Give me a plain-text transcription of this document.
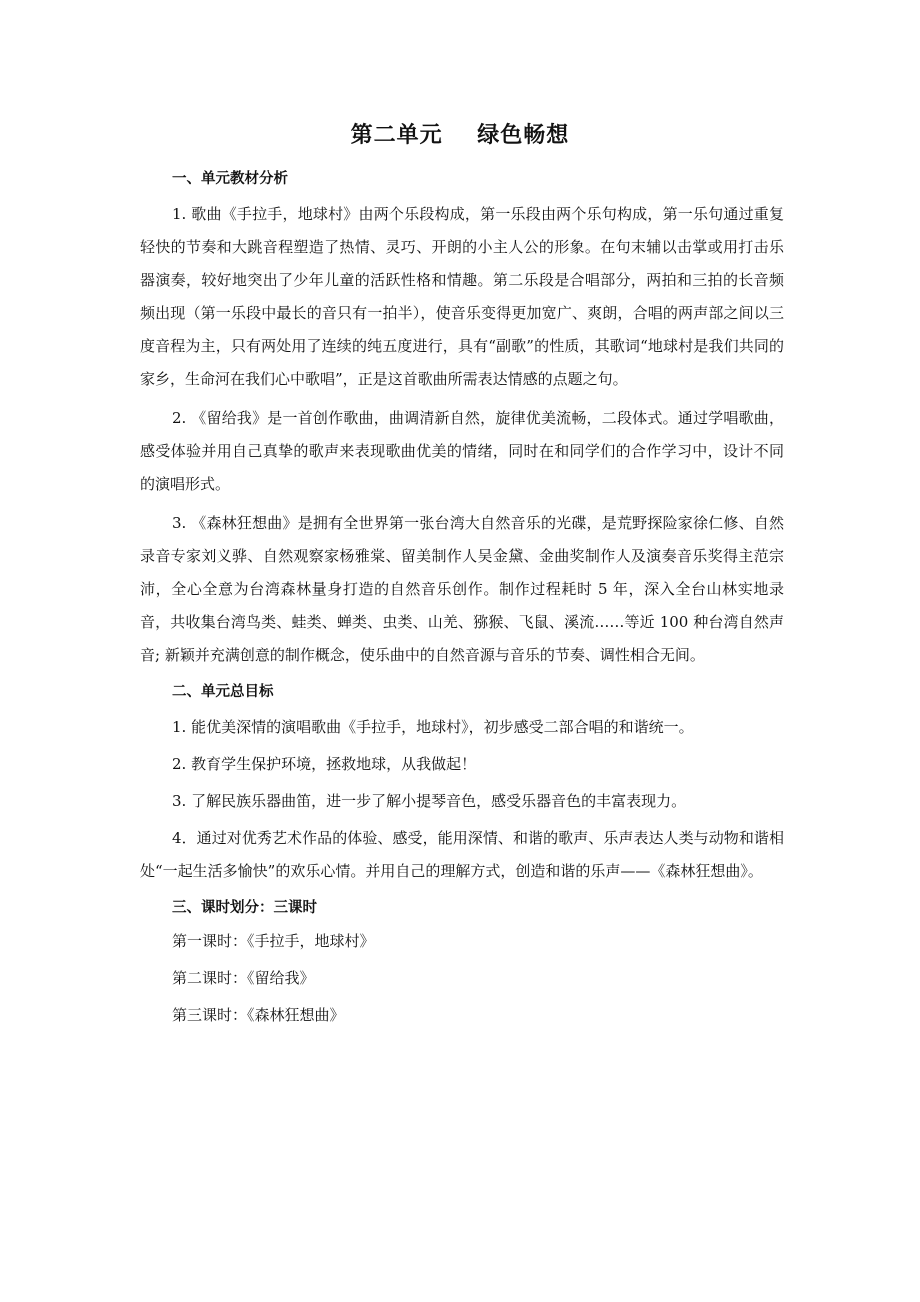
第二单元    绿色畅想
一、单元教材分析

1. 歌曲《手拉手，地球村》由两个乐段构成，第一乐段由两个乐句构成，第一乐句通过重复轻快的节奏和大跳音程塑造了热情、灵巧、开朗的小主人公的形象。在句末辅以击掌或用打击乐器演奏，较好地突出了少年儿童的活跃性格和情趣。第二乐段是合唱部分，两拍和三拍的长音频频出现（第一乐段中最长的音只有一拍半），使音乐变得更加宽广、爽朗，合唱的两声部之间以三度音程为主，只有两处用了连续的纯五度进行，具有“副歌”的性质，其歌词“地球村是我们共同的家乡，生命河在我们心中歌唱”，正是这首歌曲所需表达情感的点题之句。

2. 《留给我》是一首创作歌曲，曲调清新自然，旋律优美流畅，二段体式。通过学唱歌曲，感受体验并用自己真挚的歌声来表现歌曲优美的情绪，同时在和同学们的合作学习中，设计不同的演唱形式。

3. 《森林狂想曲》是拥有全世界第一张台湾大自然音乐的光碟，是荒野探险家徐仁修、自然录音专家刘义骅、自然观察家杨雅棠、留美制作人吴金黛、金曲奖制作人及演奏音乐奖得主范宗沛，全心全意为台湾森林量身打造的自然音乐创作。制作过程耗时 5 年，深入全台山林实地录音，共收集台湾鸟类、蛙类、蝉类、虫类、山羌、猕猴、飞鼠、溪流……等近 100 种台湾自然声音; 新颖并充满创意的制作概念，使乐曲中的自然音源与音乐的节奏、调性相合无间。

二、单元总目标

1. 能优美深情的演唱歌曲《手拉手，地球村》，初步感受二部合唱的和谐统一。

2. 教育学生保护环境，拯救地球，从我做起！

3. 了解民族乐器曲笛，进一步了解小提琴音色，感受乐器音色的丰富表现力。

4．通过对优秀艺术作品的体验、感受，能用深情、和谐的歌声、乐声表达人类与动物和谐相处“一起生活多愉快”的欢乐心情。并用自己的理解方式，创造和谐的乐声——《森林狂想曲》。

三、课时划分：三课时
第一课时：《手拉手，地球村》
第二课时：《留给我》
第三课时：《森林狂想曲》
